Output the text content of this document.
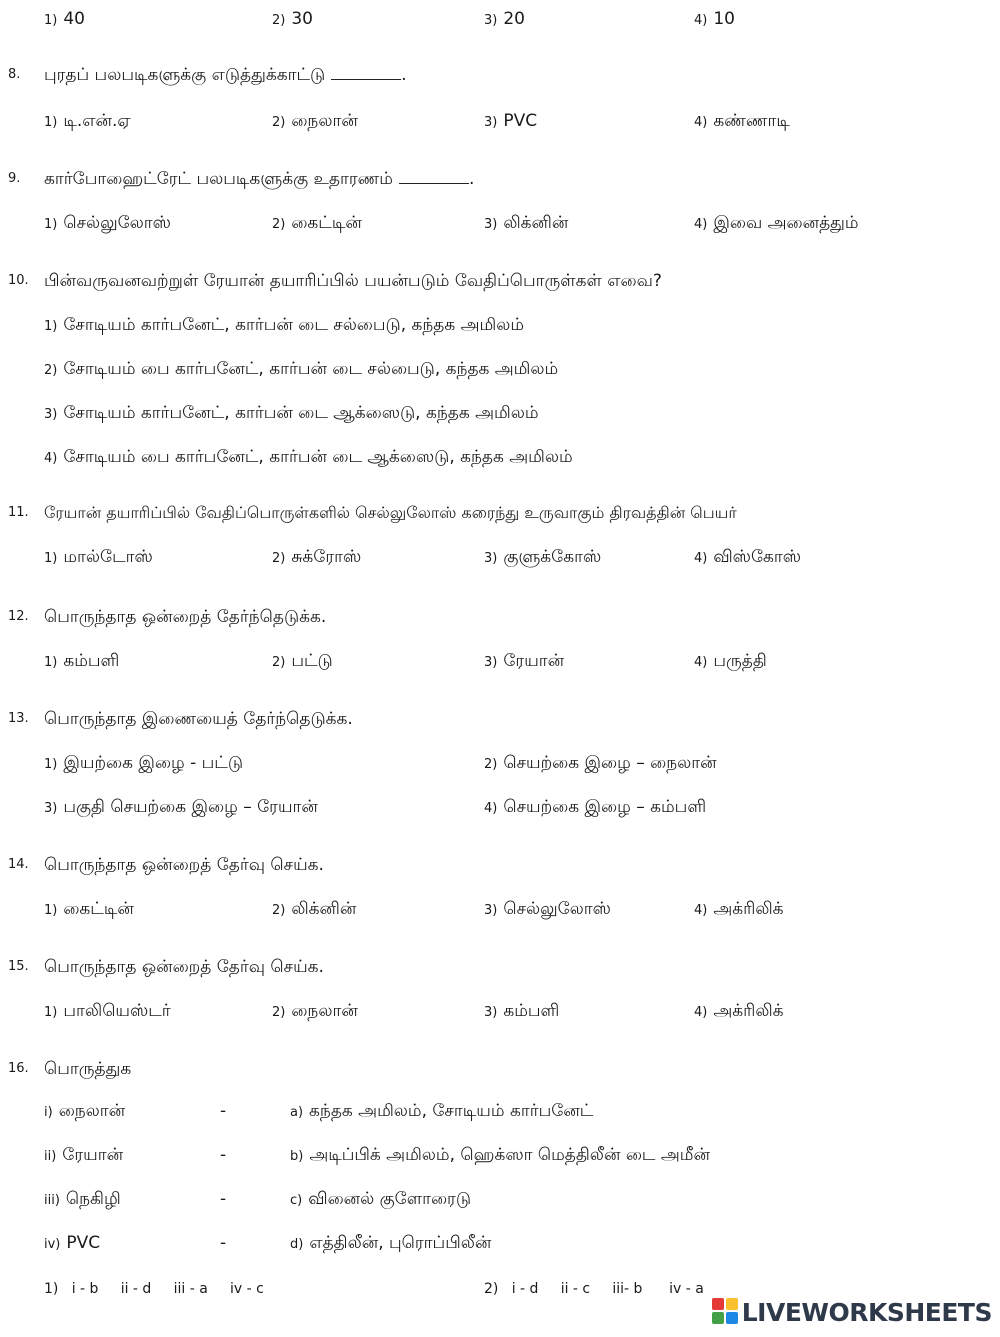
1) 40	2) 30	3) 20	4) 10
8. புரதப் பலபடிகளுக்கு எடுத்துக்காட்டு	.
1) டி.என்.ஏ	2) நைலான்	3) PVC	4) கண்ணாடி
9. கார்போஹைட்ரேட் பலபடிகளுக்கு உதாரணம்	.
1) செல்லுலோஸ்	2) கைட்டின்	3) லிக்னின்	4) இவை அனைத்தும்
10. பின்வருவனவற்றுள் ரேயான் தயாரிப்பில் பயன்படும் வேதிப்பொருள்கள் எவை?
1) சோடியம் கார்பனேட், கார்பன் டை சல்பைடு, கந்தக அமிலம்
2) சோடியம் பை கார்பனேட், கார்பன் டை சல்பைடு, கந்தக அமிலம்
3) சோடியம் கார்பனேட், கார்பன் டை ஆக்ஸைடு, கந்தக அமிலம்
4) சோடியம் பை கார்பனேட், கார்பன் டை ஆக்ஸைடு, கந்தக அமிலம்
11. ரேயான் தயாரிப்பில் வேதிப்பொருள்களில் செல்லுலோஸ் கரைந்து உருவாகும் திரவத்தின் பெயர்
1) மால்டோஸ்	2) சுக்ரோஸ்	3) குளுக்கோஸ்	4) விஸ்கோஸ்
12. பொருந்தாத ஒன்றைத் தேர்ந்தெடுக்க.
1) கம்பளி	2) பட்டு	3) ரேயான்	4) பருத்தி
13. பொருந்தாத இணையைத் தேர்ந்தெடுக்க.
1) இயற்கை இழை - பட்டு	2) செயற்கை இழை – நைலான்
3) பகுதி செயற்கை இழை – ரேயான்	4) செயற்கை இழை – கம்பளி
14. பொருந்தாத ஒன்றைத் தேர்வு செய்க.
1) கைட்டின்	2) லிக்னின்	3) செல்லுலோஸ்	4) அக்ரிலிக்
15. பொருந்தாத ஒன்றைத் தேர்வு செய்க.
1) பாலியெஸ்டர்	2) நைலான்	3) கம்பளி	4) அக்ரிலிக்
16. பொருத்துக
i) நைலான்	-	a) கந்தக அமிலம், சோடியம் கார்பனேட்
ii) ரேயான்	-	b) அடிப்பிக் அமிலம், ஹெக்ஸா மெத்திலீன் டை அமீன்
iii) நெகிழி	-	c) வினைல் குளோரைடு
iv) PVC	-	d) எத்திலீன், புரொப்பிலீன்
1)   i - b     ii - d     iii - a     iv - c	2)   i - d     ii - c     iii- b      iv - a
LIVEWORKSHEETS
